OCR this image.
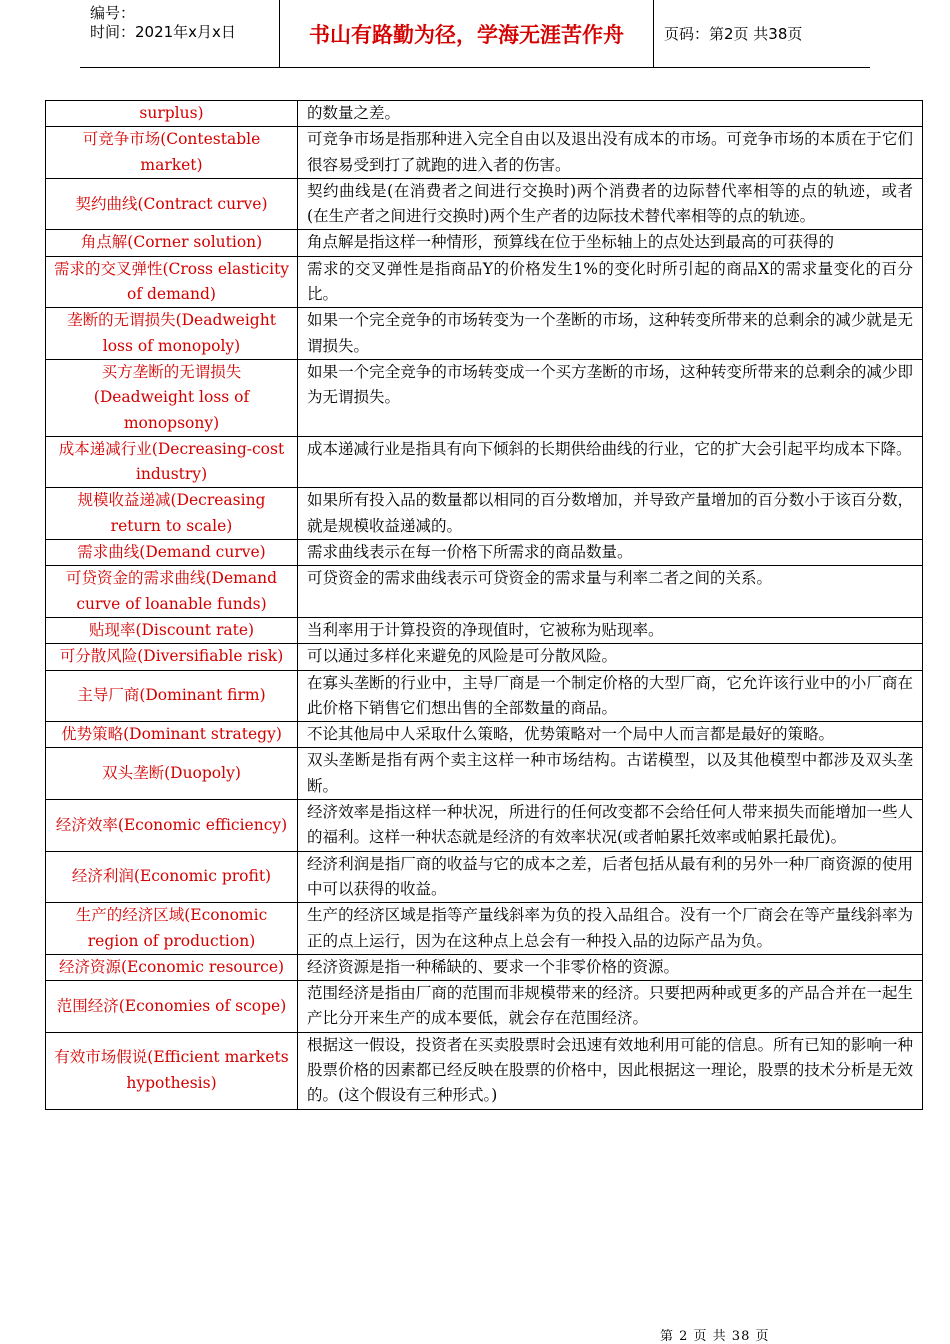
编号：
时间：2021年x月x日	书山有路勤为径，学海无涯苦作舟	页码：第2页 共38页
surplus)	的数量之差。
可竞争市场(Contestable market)	可竞争市场是指那种进入完全自由以及退出没有成本的市场。可竞争市场的本质在于它们很容易受到打了就跑的进入者的伤害。
契约曲线(Contract curve)	契约曲线是(在消费者之间进行交换时)两个消费者的边际替代率相等的点的轨迹，或者(在生产者之间进行交换时)两个生产者的边际技术替代率相等的点的轨迹。
角点解(Corner solution)	角点解是指这样一种情形，预算线在位于坐标轴上的点处达到最高的可获得的
需求的交叉弹性(Cross elasticity of demand)	需求的交叉弹性是指商品Y的价格发生1%的变化时所引起的商品X的需求量变化的百分比。
垄断的无谓损失(Deadweight loss of monopoly)	如果一个完全竞争的市场转变为一个垄断的市场，这种转变所带来的总剩余的减少就是无谓损失。
买方垄断的无谓损失(Deadweight loss of monopsony)	如果一个完全竞争的市场转变成一个买方垄断的市场，这种转变所带来的总剩余的减少即为无谓损失。
成本递减行业(Decreasing-cost industry)	成本递减行业是指具有向下倾斜的长期供给曲线的行业，它的扩大会引起平均成本下降。
规模收益递减(Decreasing return to scale)	如果所有投入品的数量都以相同的百分数增加，并导致产量增加的百分数小于该百分数，就是规模收益递减的。
需求曲线(Demand curve)	需求曲线表示在每一价格下所需求的商品数量。
可贷资金的需求曲线(Demand curve of loanable funds)	可贷资金的需求曲线表示可贷资金的需求量与利率二者之间的关系。
贴现率(Discount rate)	当利率用于计算投资的净现值时，它被称为贴现率。
可分散风险(Diversifiable risk)	可以通过多样化来避免的风险是可分散风险。
主导厂商(Dominant firm)	在寡头垄断的行业中，主导厂商是一个制定价格的大型厂商，它允许该行业中的小厂商在此价格下销售它们想出售的全部数量的商品。
优势策略(Dominant strategy)	不论其他局中人采取什么策略，优势策略对一个局中人而言都是最好的策略。
双头垄断(Duopoly)	双头垄断是指有两个卖主这样一种市场结构。古诺模型，以及其他模型中都涉及双头垄断。
经济效率(Economic efficiency)	经济效率是指这样一种状况，所进行的任何改变都不会给任何人带来损失而能增加一些人的福利。这样一种状态就是经济的有效率状况(或者帕累托效率或帕累托最优)。
经济利润(Economic profit)	经济利润是指厂商的收益与它的成本之差，后者包括从最有利的另外一种厂商资源的使用中可以获得的收益。
生产的经济区域(Economic region of production)	生产的经济区域是指等产量线斜率为负的投入品组合。没有一个厂商会在等产量线斜率为正的点上运行，因为在这种点上总会有一种投入品的边际产品为负。
经济资源(Economic resource)	经济资源是指一种稀缺的、要求一个非零价格的资源。
范围经济(Economies of scope)	范围经济是指由厂商的范围而非规模带来的经济。只要把两种或更多的产品合并在一起生产比分开来生产的成本要低，就会存在范围经济。
有效市场假说(Efficient markets hypothesis)	根据这一假设，投资者在买卖股票时会迅速有效地利用可能的信息。所有已知的影响一种股票价格的因素都已经反映在股票的价格中，因此根据这一理论，股票的技术分析是无效的。(这个假设有三种形式。)
第 2 页 共 38 页
